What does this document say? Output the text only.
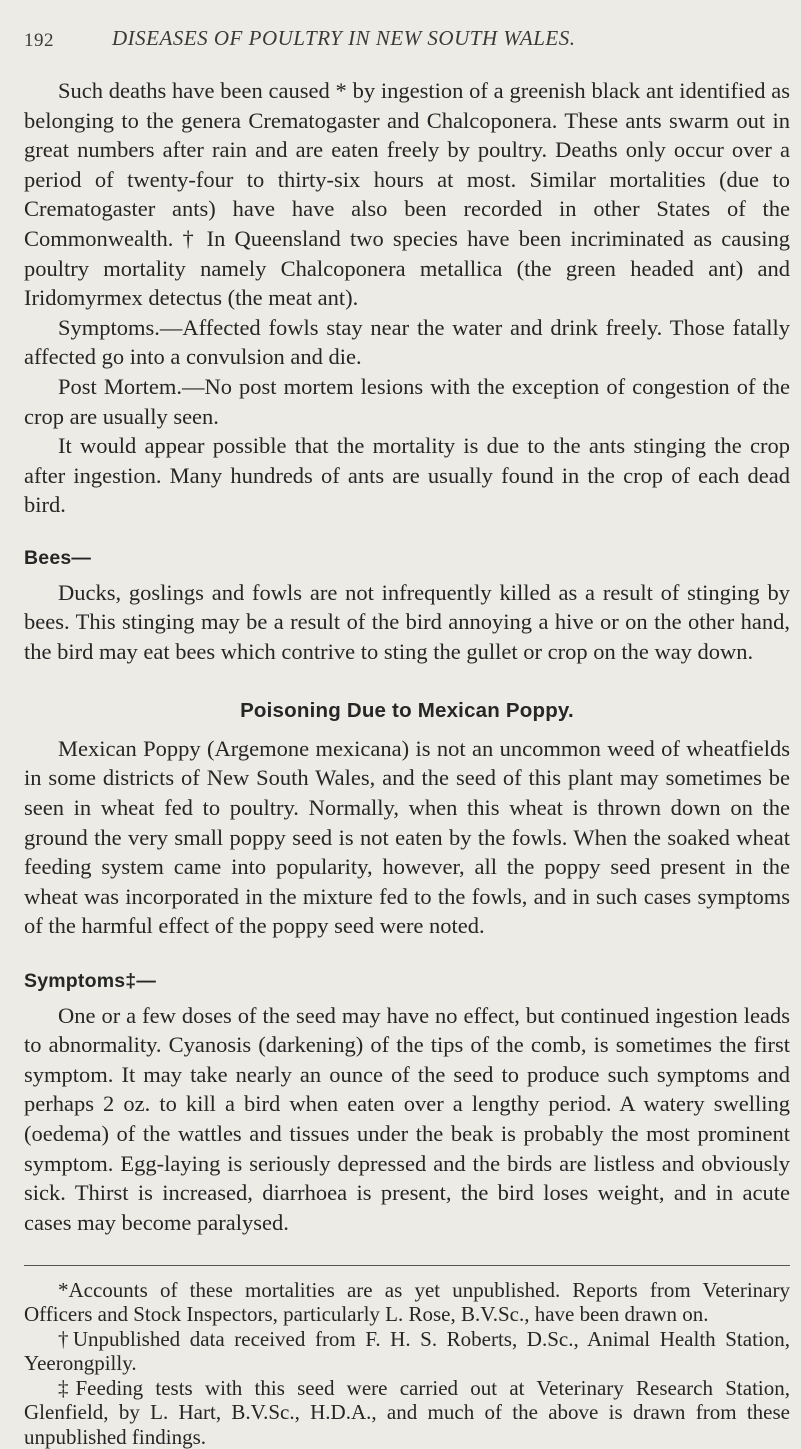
192	DISEASES OF POULTRY IN NEW SOUTH WALES.

Such deaths have been caused * by ingestion of a greenish black ant identified as belonging to the genera Crematogaster and Chalcoponera. These ants swarm out in great numbers after rain and are eaten freely by poultry. Deaths only occur over a period of twenty-four to thirty-six hours at most. Similar mortalities (due to Crematogaster ants) have have also been recorded in other States of the Commonwealth. † In Queensland two species have been incriminated as causing poultry mortality namely Chalcoponera metallica (the green headed ant) and Iridomyrmex detectus (the meat ant).

Symptoms.—Affected fowls stay near the water and drink freely. Those fatally affected go into a convulsion and die.

Post Mortem.—No post mortem lesions with the exception of congestion of the crop are usually seen.

It would appear possible that the mortality is due to the ants stinging the crop after ingestion. Many hundreds of ants are usually found in the crop of each dead bird.

Bees—

Ducks, goslings and fowls are not infrequently killed as a result of stinging by bees. This stinging may be a result of the bird annoying a hive or on the other hand, the bird may eat bees which contrive to sting the gullet or crop on the way down.

Poisoning Due to Mexican Poppy.

Mexican Poppy (Argemone mexicana) is not an uncommon weed of wheatfields in some districts of New South Wales, and the seed of this plant may sometimes be seen in wheat fed to poultry. Normally, when this wheat is thrown down on the ground the very small poppy seed is not eaten by the fowls. When the soaked wheat feeding system came into popularity, however, all the poppy seed present in the wheat was incorporated in the mixture fed to the fowls, and in such cases symptoms of the harmful effect of the poppy seed were noted.

Symptoms‡—

One or a few doses of the seed may have no effect, but continued ingestion leads to abnormality. Cyanosis (darkening) of the tips of the comb, is sometimes the first symptom. It may take nearly an ounce of the seed to produce such symptoms and perhaps 2 oz. to kill a bird when eaten over a lengthy period. A watery swelling (oedema) of the wattles and tissues under the beak is probably the most prominent symptom. Egg-laying is seriously depressed and the birds are listless and obviously sick. Thirst is increased, diarrhoea is present, the bird loses weight, and in acute cases may become paralysed.

*Accounts of these mortalities are as yet unpublished. Reports from Veterinary Officers and Stock Inspectors, particularly L. Rose, B.V.Sc., have been drawn on.

†Unpublished data received from F. H. S. Roberts, D.Sc., Animal Health Station, Yeerongpilly.

‡Feeding tests with this seed were carried out at Veterinary Research Station, Glenfield, by L. Hart, B.V.Sc., H.D.A., and much of the above is drawn from these unpublished findings.
